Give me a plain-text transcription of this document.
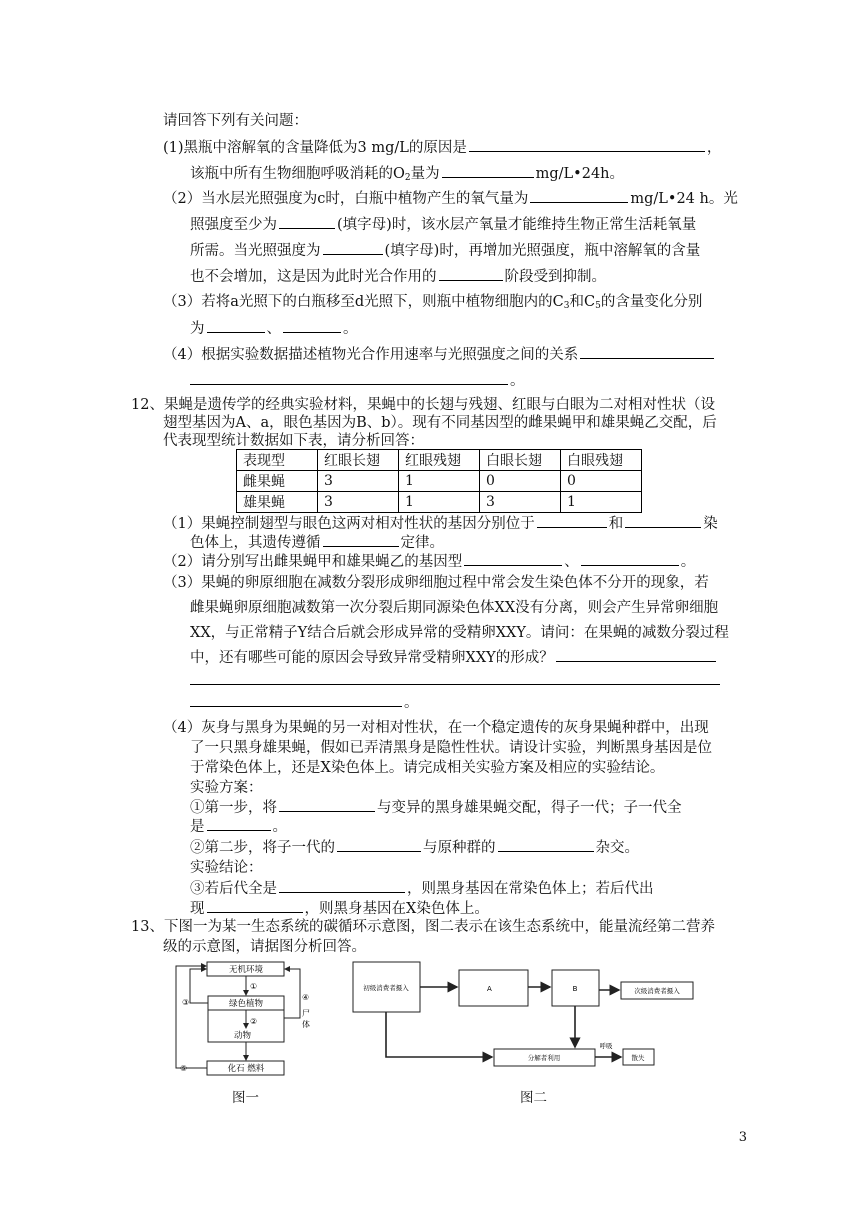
请回答下列有关问题：
(1)黑瓶中溶解氧的含量降低为3 mg/L的原因是	，
该瓶中所有生物细胞呼吸消耗的$O_2$量为	mg/L•24h。
（2）当水层光照强度为c时，白瓶中植物产生的氧气量为	mg/L•24 h。光
照强度至少为	(填字母)时，该水层产氧量才能维持生物正常生活耗氧量
所需。当光照强度为	(填字母)时，再增加光照强度，瓶中溶解氧的含量
也不会增加，这是因为此时光合作用的	阶段受到抑制。
（3）若将a光照下的白瓶移至d光照下，则瓶中植物细胞内的$C_3$和$C_5$的含量变化分别
为	、	。
（4）根据实验数据描述植物光合作用速率与光照强度之间的关系
。
12、果蝇是遗传学的经典实验材料，果蝇中的长翅与残翅、红眼与白眼为二对相对性状（设
翅型基因为A、a，眼色基因为B、b）。现有不同基因型的雌果蝇甲和雄果蝇乙交配，后
代表现型统计数据如下表，请分析回答：
表现型	红眼长翅	红眼残翅	白眼长翅	白眼残翅
雌果蝇	3	1	0	0
雄果蝇	3	1	3	1
（1）果蝇控制翅型与眼色这两对相对性状的基因分别位于	和	染
色体上，其遗传遵循	定律。
（2）请分别写出雌果蝇甲和雄果蝇乙的基因型	、	。
（3）果蝇的卵原细胞在减数分裂形成卵细胞过程中常会发生染色体不分开的现象，若
雌果蝇卵原细胞减数第一次分裂后期同源染色体XX没有分离，则会产生异常卵细胞
XX，与正常精子Y结合后就会形成异常的受精卵XXY。请问：在果蝇的减数分裂过程
中，还有哪些可能的原因会导致异常受精卵XXY的形成？
。
（4）灰身与黑身为果蝇的另一对相对性状，在一个稳定遗传的灰身果蝇种群中，出现
了一只黑身雄果蝇，假如已弄清黑身是隐性性状。请设计实验，判断黑身基因是位
于常染色体上，还是X染色体上。请完成相关实验方案及相应的实验结论。
实验方案：
①第一步，将	与变异的黑身雄果蝇交配，得子一代；子一代全
是	。
②第二步，将子一代的	与原种群的	杂交。
实验结论：
③若后代全是	，则黑身基因在常染色体上；若后代出
现	，则黑身基因在X染色体上。
13、下图一为某一生态系统的碳循环示意图，图二表示在该生态系统中，能量流经第二营养
级的示意图，请据图分析回答。
无机环境
绿色植物
动物
化石 燃料
①
②
③
⑤
④
尸
体
图一
初级消费者摄入	A	B	次级消费者摄入
分解者利用	散失
呼吸
图二
3
